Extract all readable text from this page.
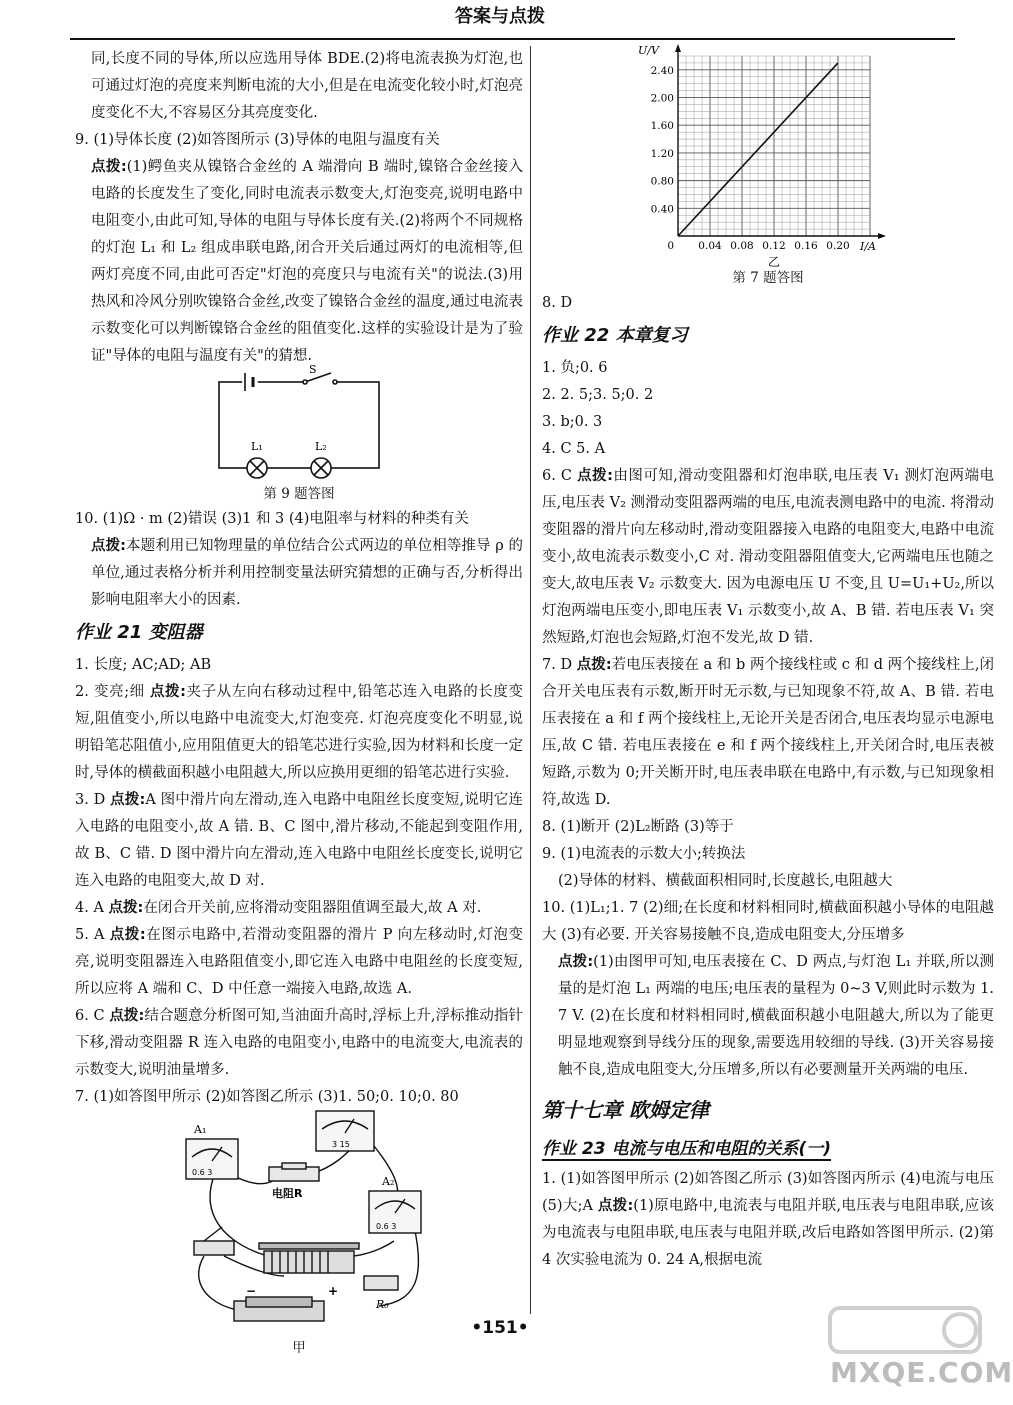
答案与点拨
同,长度不同的导体,所以应选用导体 BDE.(2)将电流表换为灯泡,也可通过灯泡的亮度来判断电流的大小,但是在电流变化较小时,灯泡亮度变化不大,不容易区分其亮度变化.
9. (1)导体长度 (2)如答图所示 (3)导体的电阻与温度有关
点拨:(1)鳄鱼夹从镍铬合金丝的 A 端滑向 B 端时,镍铬合金丝接入电路的长度发生了变化,同时电流表示数变大,灯泡变亮,说明电路中电阻变小,由此可知,导体的电阻与导体长度有关.(2)将两个不同规格的灯泡 L₁ 和 L₂ 组成串联电路,闭合开关后通过两灯的电流相等,但两灯亮度不同,由此可否定"灯泡的亮度只与电流有关"的说法.(3)用热风和冷风分别吹镍铬合金丝,改变了镍铬合金丝的温度,通过电流表示数变化可以判断镍铬合金丝的阻值变化.这样的实验设计是为了验证"导体的电阻与温度有关"的猜想.
S
L₁	L₂
第 9 题答图
10. (1)Ω · m (2)错误 (3)1 和 3 (4)电阻率与材料的种类有关
点拨:本题利用已知物理量的单位结合公式两边的单位相等推导 ρ 的单位,通过表格分析并利用控制变量法研究猜想的正确与否,分析得出影响电阻率大小的因素.
作业 21 变阻器
1. 长度; AC;AD; AB
2. 变亮;细 点拨:夹子从左向右移动过程中,铅笔芯连入电路的长度变短,阻值变小,所以电路中电流变大,灯泡变亮. 灯泡亮度变化不明显,说明铅笔芯阻值小,应用阻值更大的铅笔芯进行实验,因为材料和长度一定时,导体的横截面积越小电阻越大,所以应换用更细的铅笔芯进行实验.
3. D 点拨:A 图中滑片向左滑动,连入电路中电阻丝长度变短,说明它连入电路的电阻变小,故 A 错. B、C 图中,滑片移动,不能起到变阻作用,故 B、C 错. D 图中滑片向左滑动,连入电路中电阻丝长度变长,说明它连入电路的电阻变大,故 D 对.
4. A 点拨:在闭合开关前,应将滑动变阻器阻值调至最大,故 A 对.
5. A 点拨:在图示电路中,若滑动变阻器的滑片 P 向左移动时,灯泡变亮,说明变阻器连入电路阻值变小,即它连入电路中电阻丝的长度变短,所以应将 A 端和 C、D 中任意一端接入电路,故选 A.
6. C 点拨:结合题意分析图可知,当油面升高时,浮标上升,浮标推动指针下移,滑动变阻器 R 连入电路的电阻变小,电路中的电流变大,电流表的示数变大,说明油量增多.
7. (1)如答图甲所示 (2)如答图乙所示 (3)1. 50;0. 10;0. 80
A₁
0.6 3
3 15
电阻R
A₂
0.6 3
R₀
−	+
甲
0.40
0.80
1.20
1.60
2.00
2.40
0.04 0.08 0.12 0.16 0.20
0
U/V
I/A
乙
第 7 题答图
8. D
作业 22 本章复习
1. 负;0. 6
2. 2. 5;3. 5;0. 2
3. b;0. 3
4. C 5. A
6. C 点拨:由图可知,滑动变阻器和灯泡串联,电压表 V₁ 测灯泡两端电压,电压表 V₂ 测滑动变阻器两端的电压,电流表测电路中的电流. 将滑动变阻器的滑片向左移动时,滑动变阻器接入电路的电阻变大,电路中电流变小,故电流表示数变小,C 对. 滑动变阻器阻值变大,它两端电压也随之变大,故电压表 V₂ 示数变大. 因为电源电压 U 不变,且 U=U₁+U₂,所以灯泡两端电压变小,即电压表 V₁ 示数变小,故 A、B 错. 若电压表 V₁ 突然短路,灯泡也会短路,灯泡不发光,故 D 错.
7. D 点拨:若电压表接在 a 和 b 两个接线柱或 c 和 d 两个接线柱上,闭合开关电压表有示数,断开时无示数,与已知现象不符,故 A、B 错. 若电压表接在 a 和 f 两个接线柱上,无论开关是否闭合,电压表均显示电源电压,故 C 错. 若电压表接在 e 和 f 两个接线柱上,开关闭合时,电压表被短路,示数为 0;开关断开时,电压表串联在电路中,有示数,与已知现象相符,故选 D.
8. (1)断开 (2)L₂断路 (3)等于
9. (1)电流表的示数大小;转换法
(2)导体的材料、横截面积相同时,长度越长,电阻越大
10. (1)L₁;1. 7 (2)细;在长度和材料相同时,横截面积越小导体的电阻越大 (3)有必要. 开关容易接触不良,造成电阻变大,分压增多
点拨:(1)由图甲可知,电压表接在 C、D 两点,与灯泡 L₁ 并联,所以测量的是灯泡 L₁ 两端的电压;电压表的量程为 0~3 V,则此时示数为 1. 7 V. (2)在长度和材料相同时,横截面积越小电阻越大,所以为了能更明显地观察到导线分压的现象,需要选用较细的导线. (3)开关容易接触不良,造成电阻变大,分压增多,所以有必要测量开关两端的电压.
第十七章 欧姆定律
作业 23 电流与电压和电阻的关系(一)
1. (1)如答图甲所示 (2)如答图乙所示 (3)如答图丙所示 (4)电流与电压 (5)大;A 点拨:(1)原电路中,电流表与电阻并联,电压表与电阻串联,应该为电流表与电阻串联,电压表与电阻并联,改后电路如答图甲所示. (2)第 4 次实验电流为 0. 24 A,根据电流
•151•
MXQE.COM
